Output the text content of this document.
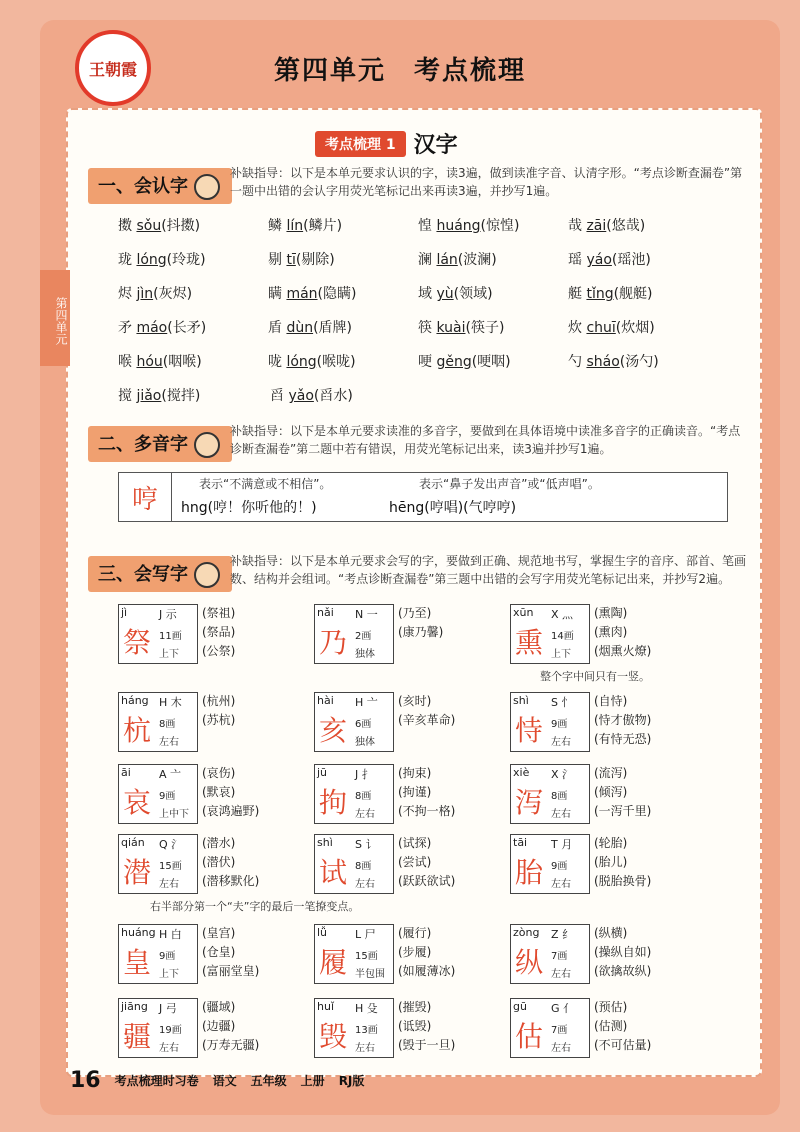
王朝霞	第四单元　考点梳理
第四单元
考点梳理 1 汉字
一、会认字
补缺指导：以下是本单元要求认识的字，读3遍，做到读准字音、认清字形。“考点诊断查漏卷”第一题中出错的会认字用荧光笔标记出来再读3遍，并抄写1遍。
擞 sǒu(抖擞)	鳞 lín(鳞片)	惶 huáng(惊惶)	哉 zāi(悠哉)
珑 lóng(玲珑)	剔 tī(剔除)	澜 lán(波澜)	瑶 yáo(瑶池)
烬 jìn(灰烬)	瞒 mán(隐瞒)	域 yù(领域)	艇 tǐng(舰艇)
矛 máo(长矛)	盾 dùn(盾牌)	筷 kuài(筷子)	炊 chuī(炊烟)
喉 hóu(咽喉)	咙 lóng(喉咙)	哽 gěng(哽咽)	勺 sháo(汤勺)
搅 jiǎo(搅拌)	舀 yǎo(舀水)
二、多音字
补缺指导：以下是本单元要求读准的多音字，要做到在具体语境中读准多音字的正确读音。“考点诊断查漏卷”第二题中若有错误，用荧光笔标记出来，读3遍并抄写1遍。
哼
表示“不满意或不相信”。
hng(哼！你听他的！)
表示“鼻子发出声音”或“低声唱”。
hēng(哼唱)(气哼哼)
三、会写字
补缺指导：以下是本单元要求会写的字，要做到正确、规范地书写，掌握生字的音序、部首、笔画数、结构并会组词。“考点诊断查漏卷”第三题中出错的会写字用荧光笔标记出来，并抄写2遍。
jì	J 示
祭 11画
上下
(祭祖)
(祭品)
(公祭)
nǎi N 一
乃 2画
独体
(乃至)
(康乃馨)
xūn X 灬
熏 14画
上下
(熏陶)
(熏肉)
(烟熏火燎)
háng H 木
杭 8画
左右
(杭州)
(苏杭)
hài H 亠
亥 6画
独体
(亥时)
(辛亥革命)
shì S 忄
恃 9画
左右
(自恃)
(恃才傲物)
(有恃无恐)
āi	A 亠
哀 9画
上中下
(哀伤)
(默哀)
(哀鸿遍野)
jū	J 扌
拘 8画
左右
(拘束)
(拘谨)
(不拘一格)
xiè X 氵
泻 8画
左右
(流泻)
(倾泻)
(一泻千里)
qián Q 氵
潜 15画
左右
(潜水)
(潜伏)
(潜移默化)
shì S 讠
试 8画
左右
(试探)
(尝试)
(跃跃欲试)
tāi T 月
胎 9画
左右
(轮胎)
(胎儿)
(脱胎换骨)
huáng H 白
皇 9画
上下
(皇宫)
(仓皇)
(富丽堂皇)
lǚ	L 尸
履 15画
半包围
(履行)
(步履)
(如履薄冰)
zòng Z 纟
纵 7画
左右
(纵横)
(操纵自如)
(欲擒故纵)
jiāng J 弓
疆 19画
左右
(疆域)
(边疆)
(万寿无疆)
huǐ H 殳
毁 13画
左右
(摧毁)
(诋毁)
(毁于一旦)
gū G 亻
估 7画
左右
(预估)
(估测)
(不可估量)
整个字中间只有一竖。
右半部分第一个“夫”字的最后一笔撩变点。
16 考点梳理时习卷 语文 五年级 上册 RJ版
